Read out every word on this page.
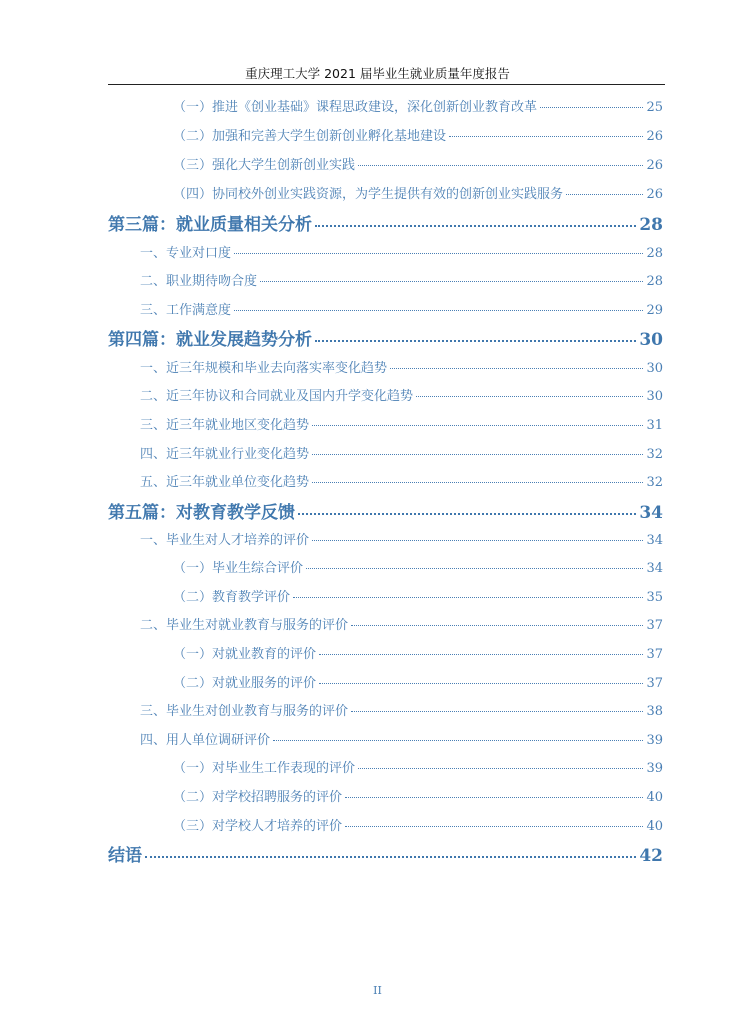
重庆理工大学 2021 届毕业生就业质量年度报告
（一）推进《创业基础》课程思政建设，深化创新创业教育改革	25
（二）加强和完善大学生创新创业孵化基地建设	26
（三）强化大学生创新创业实践	26
（四）协同校外创业实践资源，为学生提供有效的创新创业实践服务	26
第三篇：就业质量相关分析	28
一、专业对口度	28
二、职业期待吻合度	28
三、工作满意度	29
第四篇：就业发展趋势分析	30
一、近三年规模和毕业去向落实率变化趋势	30
二、近三年协议和合同就业及国内升学变化趋势	30
三、近三年就业地区变化趋势	31
四、近三年就业行业变化趋势	32
五、近三年就业单位变化趋势	32
第五篇：对教育教学反馈	34
一、毕业生对人才培养的评价	34
（一）毕业生综合评价	34
（二）教育教学评价	35
二、毕业生对就业教育与服务的评价	37
（一）对就业教育的评价	37
（二）对就业服务的评价	37
三、毕业生对创业教育与服务的评价	38
四、用人单位调研评价	39
（一）对毕业生工作表现的评价	39
（二）对学校招聘服务的评价	40
（三）对学校人才培养的评价	40
结语	42
II
